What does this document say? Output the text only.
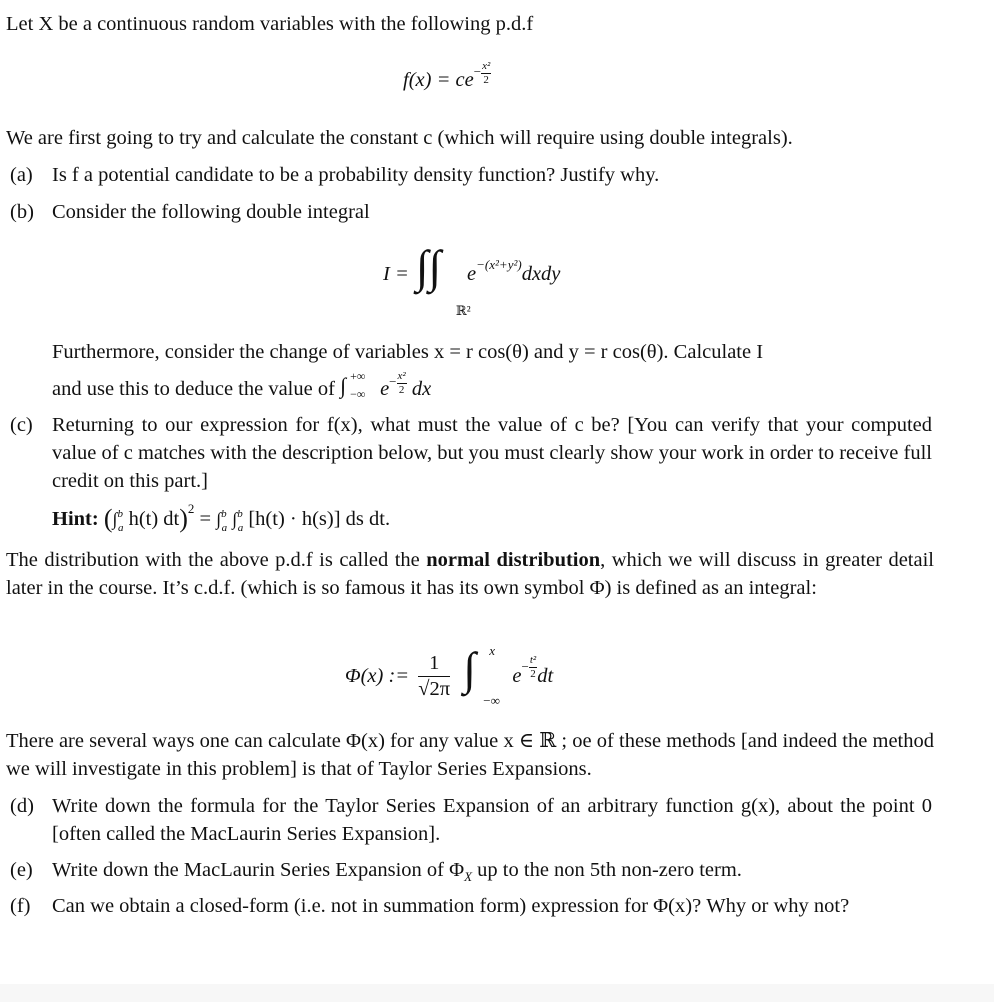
Let X be a continuous random variables with the following p.d.f

$f(x) = ce^{- \frac{\text{x²}}{2}}$

We are first going to try and calculate the constant c (which will require using double integrals).

(a) Is f a potential candidate to be a probability density function? Justify why.
(b) Consider the following double integral
I = ∫∫
ℝ²
$e^{-(x^2+y^2)}dxdy$

Furthermore, consider the change of variables x = r cos(θ) and y = r cos(θ). Calculate I

and use this to deduce the value of ∫ +∞
−∞ $e^{- \frac{\text{x²}}{2}}$ dx
(c) Returning to our expression for f(x), what must the value of c be? [You can verify that your computed value of c matches with the description below, but you must clearly show your work in order to receive full credit on this part.]
Hint: (∫$^b_a$ h(t) dt)$^2$ = ∫$^b_a$ ∫$^b_a$ [h(t) · h(s)] ds dt.

The distribution with the above p.d.f is called the normal distribution, which we will discuss in greater detail later in the course. It’s c.d.f. (which is so famous it has its own symbol Φ) is defined as an integral:

Φ(x) := $\frac{1}{√2\pi}$
∫ x
−∞
$e^{- \frac{\text{t²}}{2}}$ dt

There are several ways one can calculate Φ(x) for any value x ∈ ℝ ; oe of these methods [and indeed the method we will investigate in this problem] is that of Taylor Series Expansions.

(d) Write down the formula for the Taylor Series Expansion of an arbitrary function g(x), about the point 0 [often called the MacLaurin Series Expansion].
(e) Write down the MacLaurin Series Expansion of $\Phi_X$ up to the non 5th non-zero term.
(f) Can we obtain a closed-form (i.e. not in summation form) expression for Φ(x)? Why or why not?
